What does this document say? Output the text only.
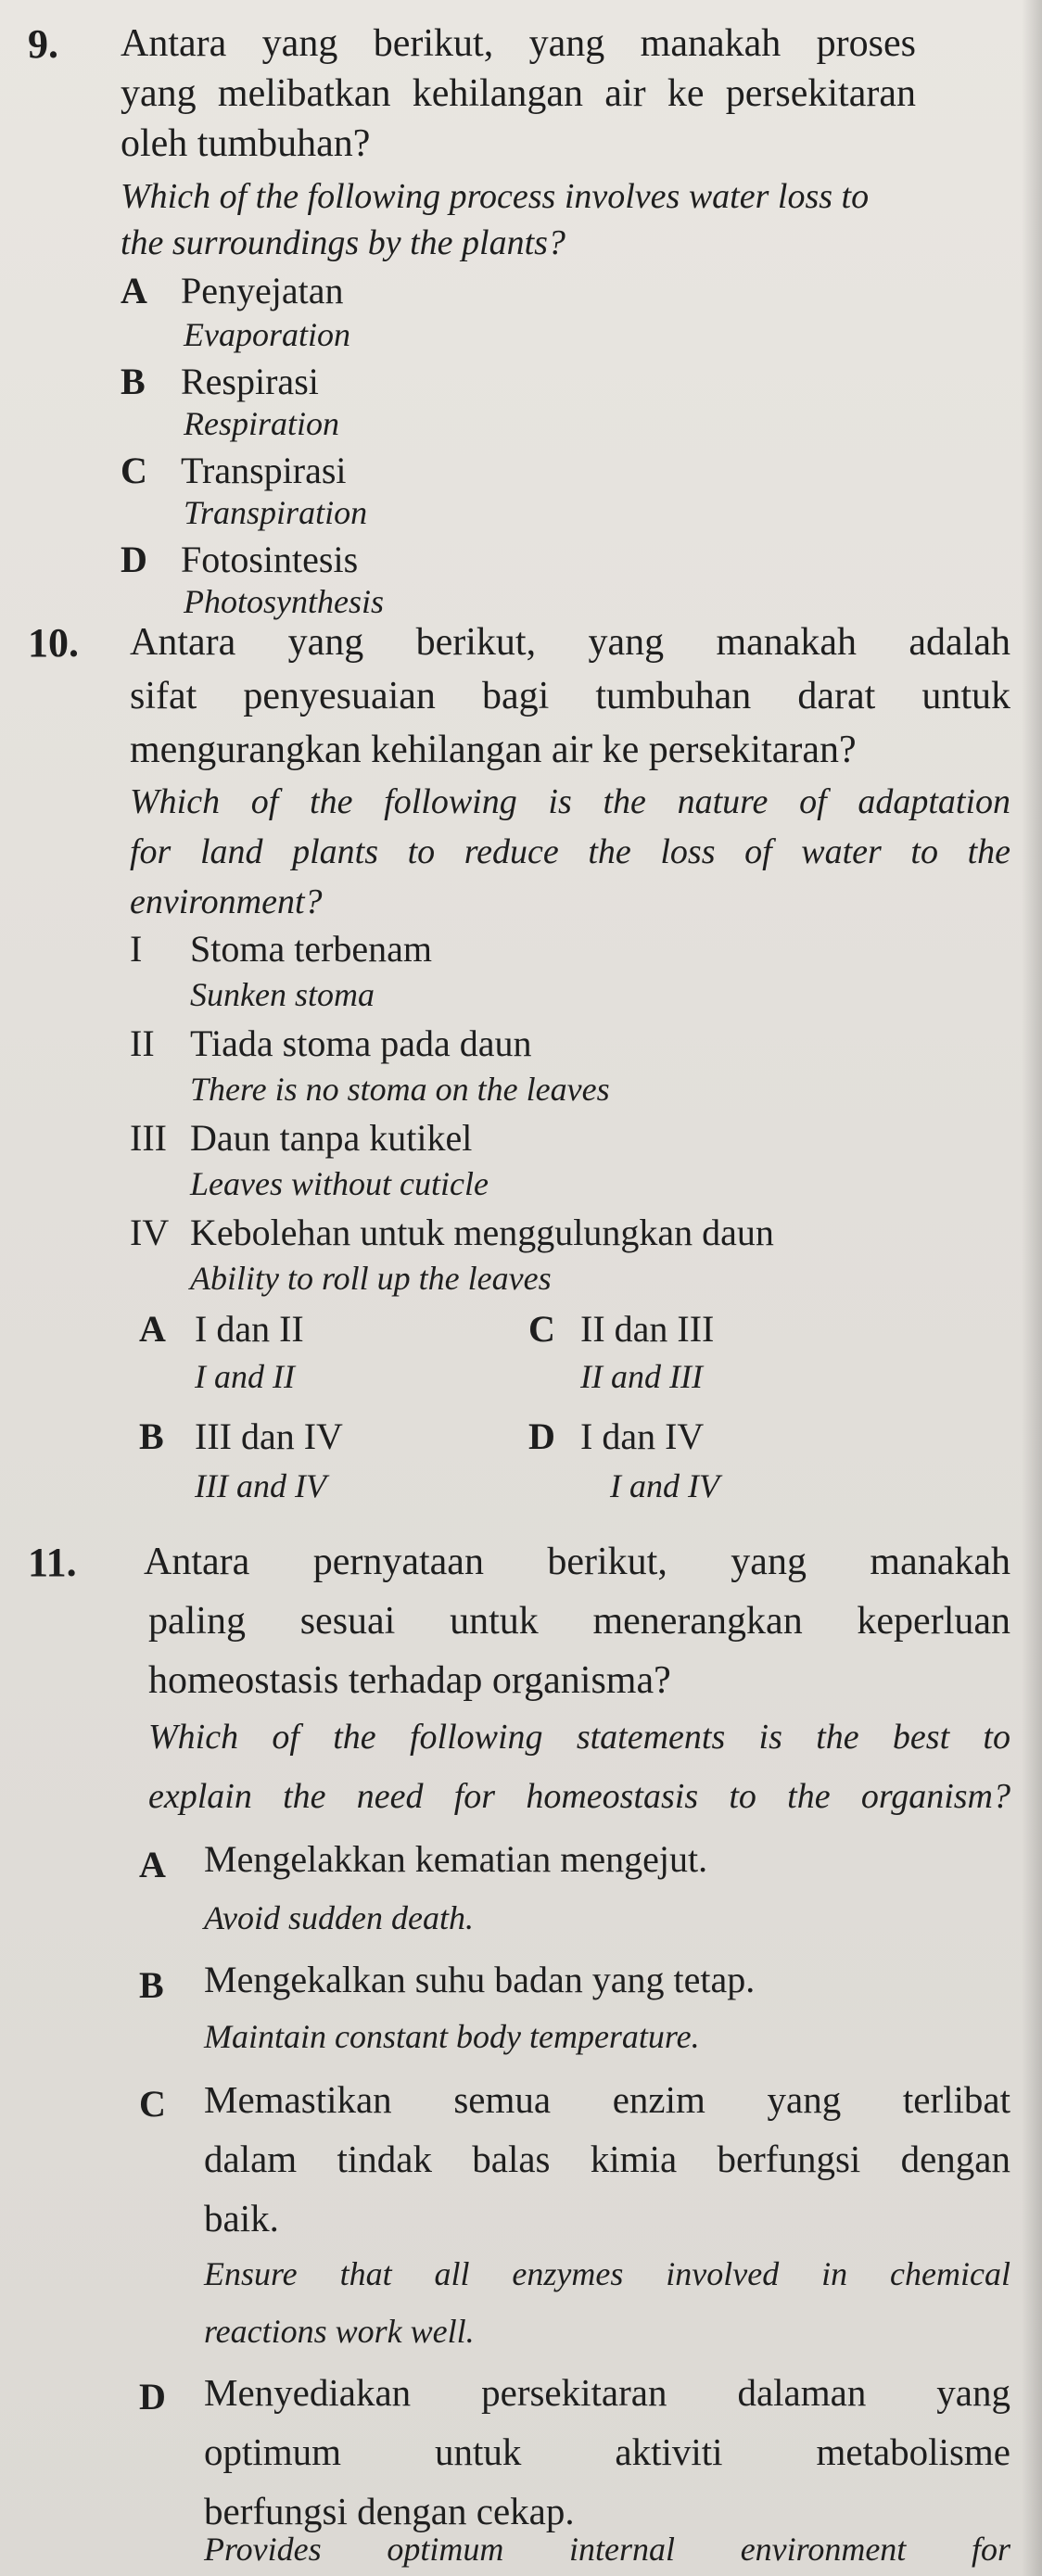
9. Antara yang berikut, yang manakah proses
yang melibatkan kehilangan air ke persekitaran
oleh tumbuhan?
Which of the following process involves water loss to
the surroundings by the plants?
A Penyejatan
Evaporation
B Respirasi
Respiration
C Transpirasi
Transpiration
D Fotosintesis
Photosynthesis
10. Antara yang berikut, yang manakah adalah
sifat penyesuaian bagi tumbuhan darat untuk
mengurangkan kehilangan air ke persekitaran?
Which of the following is the nature of adaptation
for land plants to reduce the loss of water to the
environment?
I Stoma terbenam
Sunken stoma
II Tiada stoma pada daun
There is no stoma on the leaves
III Daun tanpa kutikel
Leaves without cuticle
IV Kebolehan untuk menggulungkan daun
Ability to roll up the leaves
A I dan II
I and II
C II dan III
II and III
B III dan IV
III and IV
D I dan IV
I and IV
11. Antara pernyataan berikut, yang manakah
paling sesuai untuk menerangkan keperluan
homeostasis terhadap organisma?
Which of the following statements is the best to
explain the need for homeostasis to the organism?
A Mengelakkan kematian mengejut.
Avoid sudden death.
B Mengekalkan suhu badan yang tetap.
Maintain constant body temperature.
C Memastikan semua enzim yang terlibat
dalam tindak balas kimia berfungsi dengan
baik.
Ensure that all enzymes involved in chemical
reactions work well.
D Menyediakan persekitaran dalaman yang
optimum untuk aktiviti metabolisme
berfungsi dengan cekap.
Provides optimum internal environment for
